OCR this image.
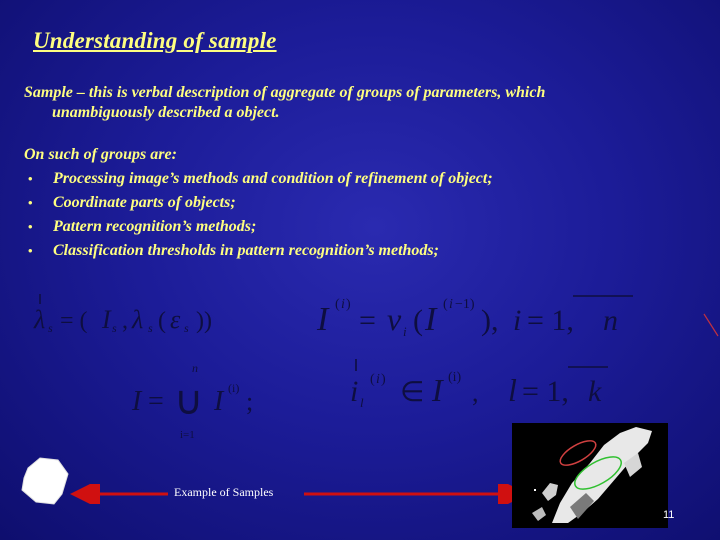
Understanding of sample
Sample – this is verbal description of aggregate of groups of parameters, which
unambiguously described a object.
On such of groups are:
• Processing image’s methods and condition of refinement of object;
• Coordinate parts of objects;
• Pattern recognition’s methods;
• Classification thresholds in pattern recognition’s methods;
λ s = ( I s , λ s ( ε s ))	I ( i ) = ν i ( I ( i −1) ), i = 1, n
n
I = ∪ I (i) ;
i=1
i l
( i ) ∈ I (i)
, l = 1, k
Example of Samples
11
